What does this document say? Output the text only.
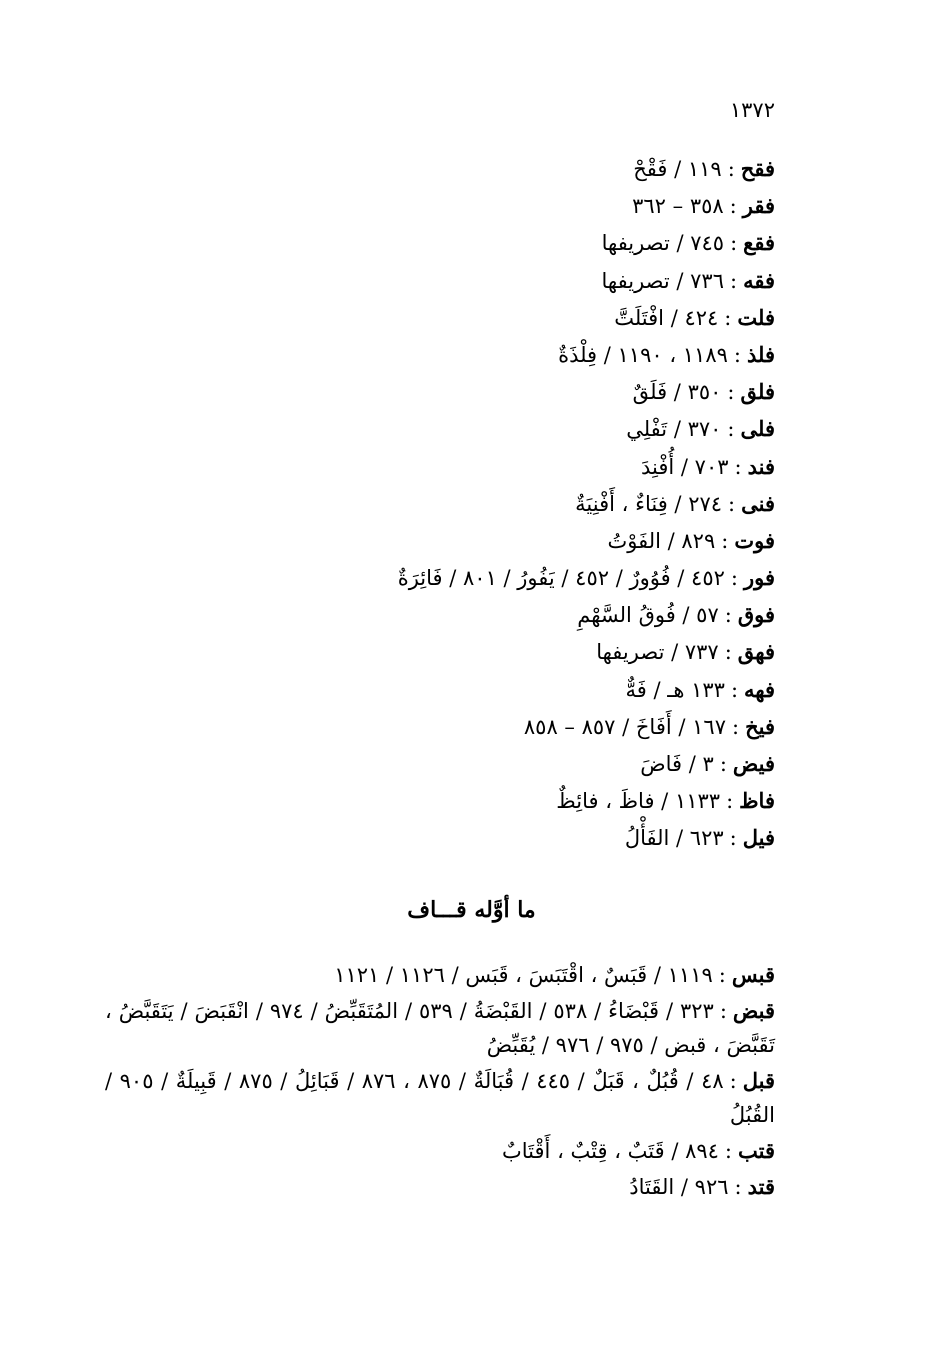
١٣٧٢
فقح:١١٩ / فَقْحْ
فقر:٣٥٨ – ٣٦٢
فقع:٧٤٥ / تصريفها
فقه:٧٣٦ / تصريفها
فلت:٤٢٤ / افْتَلَتَّ
فلذ:١١٨٩ ، ١١٩٠ / فِلْذَةٌ
فلق:٣٥٠ / فَلَقٌ
فلى:٣٧٠ / تَفْلِي
فند:٧٠٣ / أُفْنِدَ
فنى:٢٧٤ / فِنَاءٌ ، أَفْنِيَةٌ
فوت:٨٢٩ / الفَوْتُ
فور:٤٥٢ / فُوُورٌ / ٤٥٢ / يَفُورُ / ٨٠١ / فَائِرَةٌ
فوق:٥٧ / فُوقُ السَّهْمِ
فهق:٧٣٧ / تصريفها
فهه:١٣٣ هـ / فَهٌّ
فيخ:١٦٧ / أَفَاخَ / ٨٥٧ – ٨٥٨
فيض:٣ / فَاضَ
فاظ:١١٣٣ / فاظَ ، فائِظٌ
فيل:٦٢٣ / الفَأْلُ
ما أوَّله قـــاف
قبس:١١١٩ / قَبَسٌ ، اقْتَبَسَ ، قَبَس / ١١٢٦ / ١١٢١
قبض:٣٢٣ / قَبْضَاءُ / ٥٣٨ / القَبْضَةُ / ٥٣٩ / المُتَقَبِّضُ / ٩٧٤ / انْقَبَضَ / يَتَقَبَّضُ ، تَقَبَّضَ ، قبض / ٩٧٥ / ٩٧٦ / يُقَبِّضُ
قبل:٤٨ / قُبُلٌ ، قَبَلٌ / ٤٤٥ / قُبَالَةٌ / ٨٧٥ ، ٨٧٦ / قَبَائِلُ / ٨٧٥ / قَبِيلَةٌ / ٩٠٥ / القُبُلُ
قتب:٨٩٤ / قَتَبٌ ، قِتْبٌ ، أَقْتَابٌ
قتد:٩٢٦ / القَتَادُ
